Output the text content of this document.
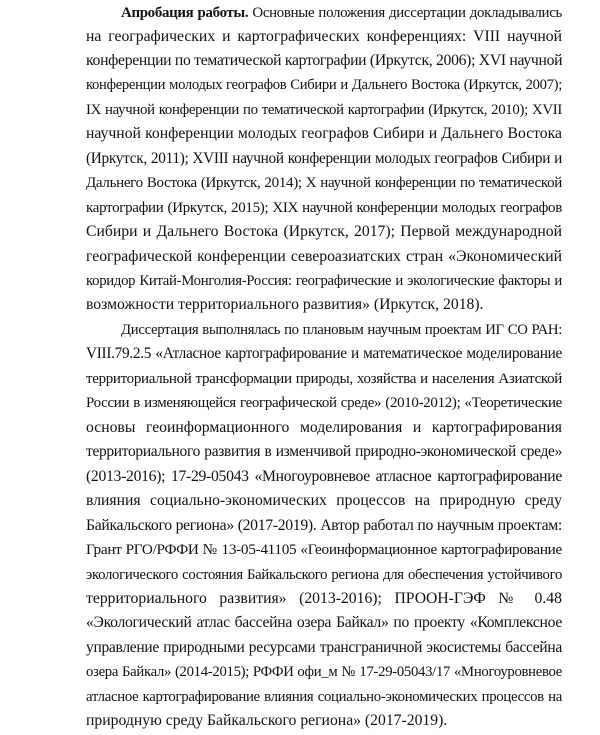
Апробация работы. Основные положения диссертации докладывались
на географических и картографических конференциях: VIII научной
конференции по тематической картографии (Иркутск, 2006); XVI научной
конференции молодых географов Сибири и Дальнего Востока (Иркутск, 2007);
IX научной конференции по тематической картографии (Иркутск, 2010); XVII
научной конференции молодых географов Сибири и Дальнего Востока
(Иркутск, 2011); XVIII научной конференции молодых географов Сибири и
Дальнего Востока (Иркутск, 2014); X научной конференции по тематической
картографии (Иркутск, 2015); XIX научной конференции молодых географов
Сибири и Дальнего Востока (Иркутск, 2017); Первой международной
географической конференции североазиатских стран «Экономический
коридор Китай-Монголия-Россия: географические и экологические факторы и
возможности территориального развития» (Иркутск, 2018).
Диссертация выполнялась по плановым научным проектам ИГ СО РАН:
VIII.79.2.5 «Атласное картографирование и математическое моделирование
территориальной трансформации природы, хозяйства и населения Азиатской
России в изменяющейся географической среде» (2010-2012); «Теоретические
основы геоинформационного моделирования и картографирования
территориального развития в изменчивой природно-экономической среде»
(2013-2016); 17-29-05043 «Многоуровневое атласное картографирование
влияния социально-экономических процессов на природную среду
Байкальского региона» (2017-2019). Автор работал по научным проектам:
Грант РГО/РФФИ № 13-05-41105 «Геоинформационное картографирование
экологического состояния Байкальского региона для обеспечения устойчивого
территориального развития» (2013-2016); ПРООН-ГЭФ № 0.48
«Экологический атлас бассейна озера Байкал» по проекту «Комплексное
управление природными ресурсами трансграничной экосистемы бассейна
озера Байкал» (2014-2015); РФФИ офи_м № 17-29-05043/17 «Многоуровневое
атласное картографирование влияния социально-экономических процессов на
природную среду Байкальского региона» (2017-2019).
